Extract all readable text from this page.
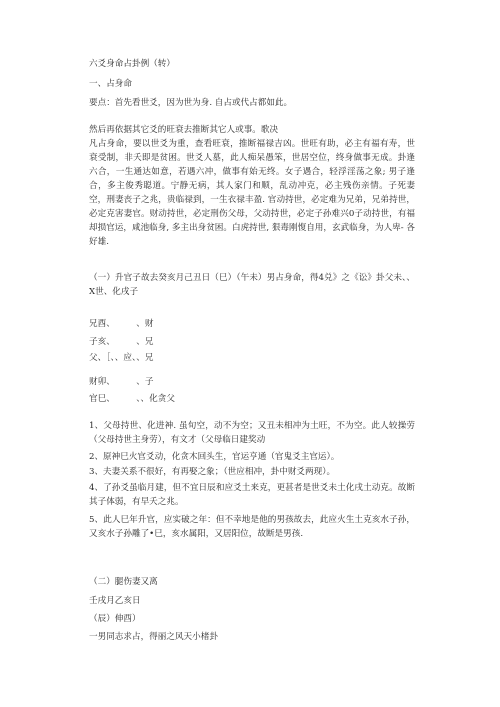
六爻身命占卦例（转）
一、占身命
要点：首先看世爻，因为世为身. 自占或代占都如此。
然后再依据其它爻的旺衰去推断其它人或事。歌决
凡占身命，要以世爻为重，查看旺衰，推断福禄吉凶。世旺有助，必主有福有寿，世衰受制，非夭即是贫困。世爻人墓，此人痴呆愚笨，世居空位，终身做事无成。卦逢六合，一生通达如意，若遇六冲，做事有始无终。女子遇合，轻浮淫荡之象; 男子逢合，多主俊秀聪道。宁静无病，其人家门和顺，乱动冲克，必主残伤亲情。子死妻空，刑妻丧子之兆，贵临禄到，一生衣禄丰盈. 官动持世，必定难为兄弟，兄弟持世，必定克害妻官。财动持世，必定刑伤父母，父动持世，必定子孙难兴0子动持世，有福却损官运，咸池临身, 多主出身贫困。白虎持世, 狠毒刚愎自用，玄武临身，为人卑- 各好雄.
（一）升官子故去癸亥月己丑日（巳）（午未）男占身命，得4兑》之《讼》卦父未、、X世、化戌子
兄酉、　　　、财
子亥、　　　、兄
父、［、、应、、兄
财卯、　　　、子
官巳、　　　、、化贪父
1、父母持世、化进神. 虽旬空，动不为空；又丑未相冲为土旺，不为空。此人较操劳（父母持世主身劳），有文才（父母临日建奖动
2、原神巳火官爻动，化贪木回头生，官运亨通（官鬼爻主官运）。
3、夫妻关系不很好，有再娶之象；（世应相冲，卦中财爻两现）。
4、了孙爻虽临月建，但不宜日辰和应爻土来克，更甚者是世爻未土化戌土动克。故断其子体弱，有早夭之兆。
5、此人巳年升官，应实破之年：但不幸地是他的男孩故去，此应火生土克亥水子孙，又亥水子孙雕了•巳，亥水属阳，又居阳位，故断是男孩.
（二）腿伤妻又离
壬戌月乙亥日
（辰）伸酉）
一男同志求占，得丽之风天小楮卦
